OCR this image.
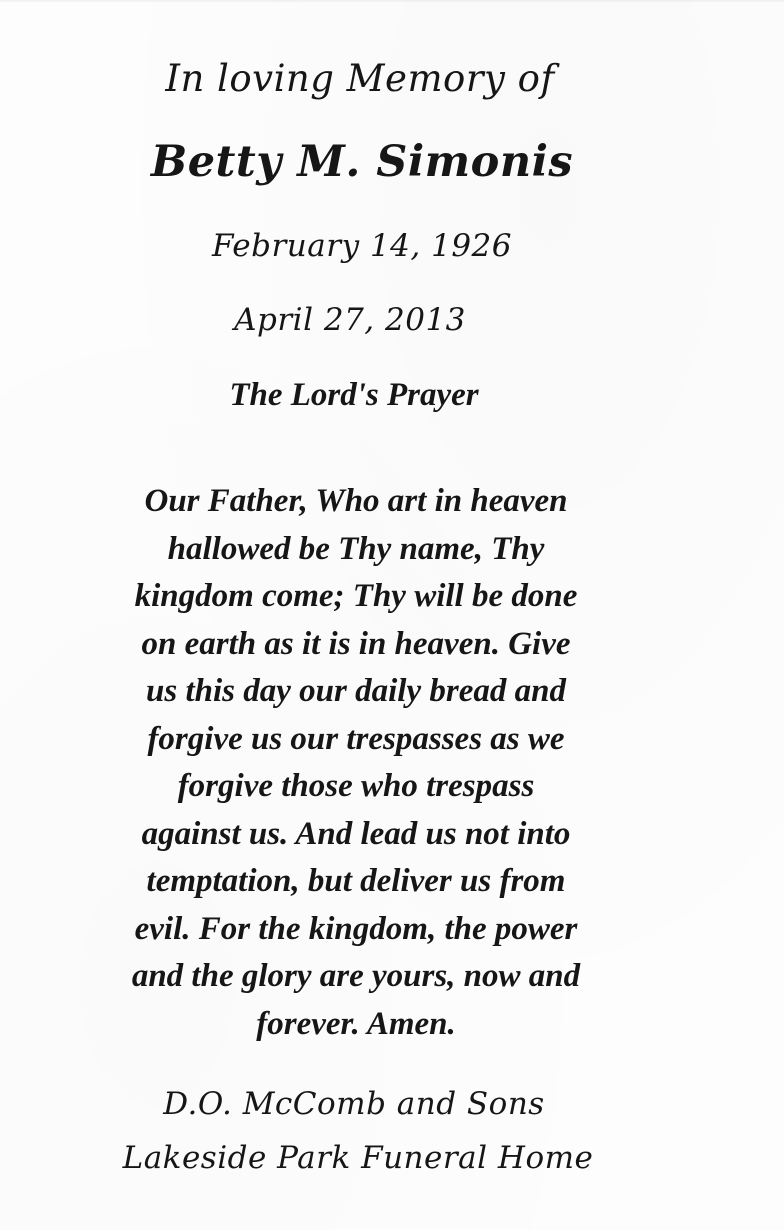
In loving Memory of
Betty M. Simonis
February 14, 1926
April 27, 2013
The Lord's Prayer
Our Father, Who art in heaven
hallowed be Thy name, Thy
kingdom come; Thy will be done
on earth as it is in heaven. Give
us this day our daily bread and
forgive us our trespasses as we
forgive those who trespass
against us. And lead us not into
temptation, but deliver us from
evil. For the kingdom, the power
and the glory are yours, now and
forever. Amen.
D.O. McComb and Sons
Lakeside Park Funeral Home
